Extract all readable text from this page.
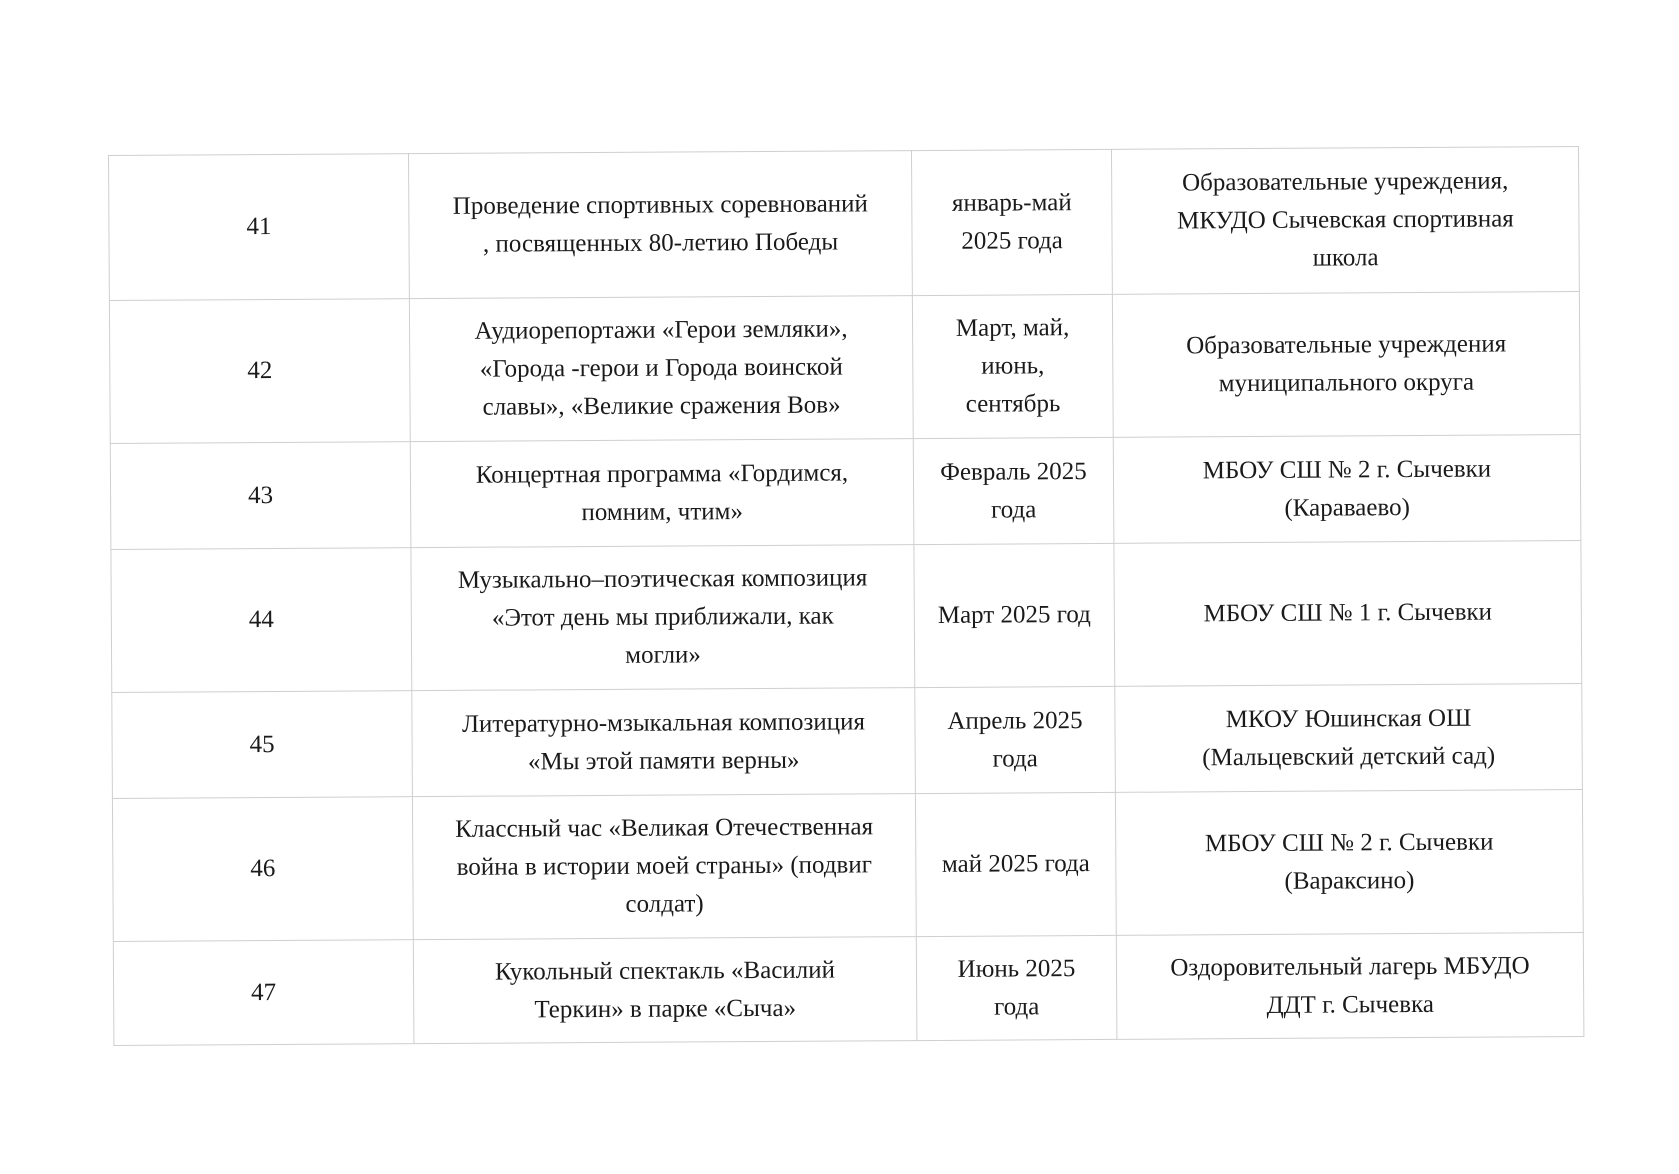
41	Проведение спортивных соревнований
, посвященных 80-летию Победы	январь-май
2025 года	Образовательные учреждения,
МКУДО Сычевская спортивная
школа

42	Аудиорепортажи «Герои земляки»,
«Города -герои и Города воинской
славы», «Великие сражения Вов»	Март, май,
июнь,
сентябрь	Образовательные учреждения
муниципального округа

43	Концертная программа «Гордимся,
помним, чтим»	Февраль 2025
года	МБОУ СШ № 2 г. Сычевки
(Караваево)

44	Музыкально–поэтическая композиция
«Этот день мы приближали, как
могли»	Март 2025 год	МБОУ СШ № 1 г. Сычевки

45	Литературно-мзыкальная композиция
«Мы этой памяти верны»	Апрель 2025
года	МКОУ Юшинская ОШ
(Мальцевский детский сад)

46	Классный час «Великая Отечественная
война в истории моей страны» (подвиг
солдат)	май 2025 года	МБОУ СШ № 2 г. Сычевки
(Вараксино)

47	Кукольный спектакль «Василий
Теркин» в парке «Сыча»	Июнь 2025
года	Оздоровительный лагерь МБУДО
ДДТ г. Сычевка
